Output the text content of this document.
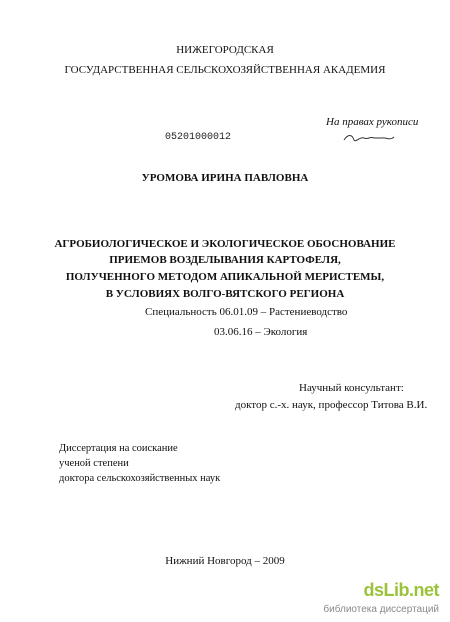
НИЖЕГОРОДСКАЯ
ГОСУДАРСТВЕННАЯ СЕЛЬСКОХОЗЯЙСТВЕННАЯ АКАДЕМИЯ
На правах рукописи
05201000012
УРОМОВА ИРИНА ПАВЛОВНА
АГРОБИОЛОГИЧЕСКОЕ И ЭКОЛОГИЧЕСКОЕ ОБОСНОВАНИЕ
ПРИЕМОВ ВОЗДЕЛЫВАНИЯ КАРТОФЕЛЯ,
ПОЛУЧЕННОГО МЕТОДОМ АПИКАЛЬНОЙ МЕРИСТЕМЫ,
В УСЛОВИЯХ ВОЛГО-ВЯТСКОГО РЕГИОНА
Специальность 06.01.09 – Растениеводство
03.06.16 – Экология
Научный консультант:
доктор с.-х. наук, профессор Титова В.И.
Диссертация на соискание
ученой степени
доктора сельскохозяйственных наук
Нижний Новгород – 2009
dsLib.net
библиотека диссертаций
